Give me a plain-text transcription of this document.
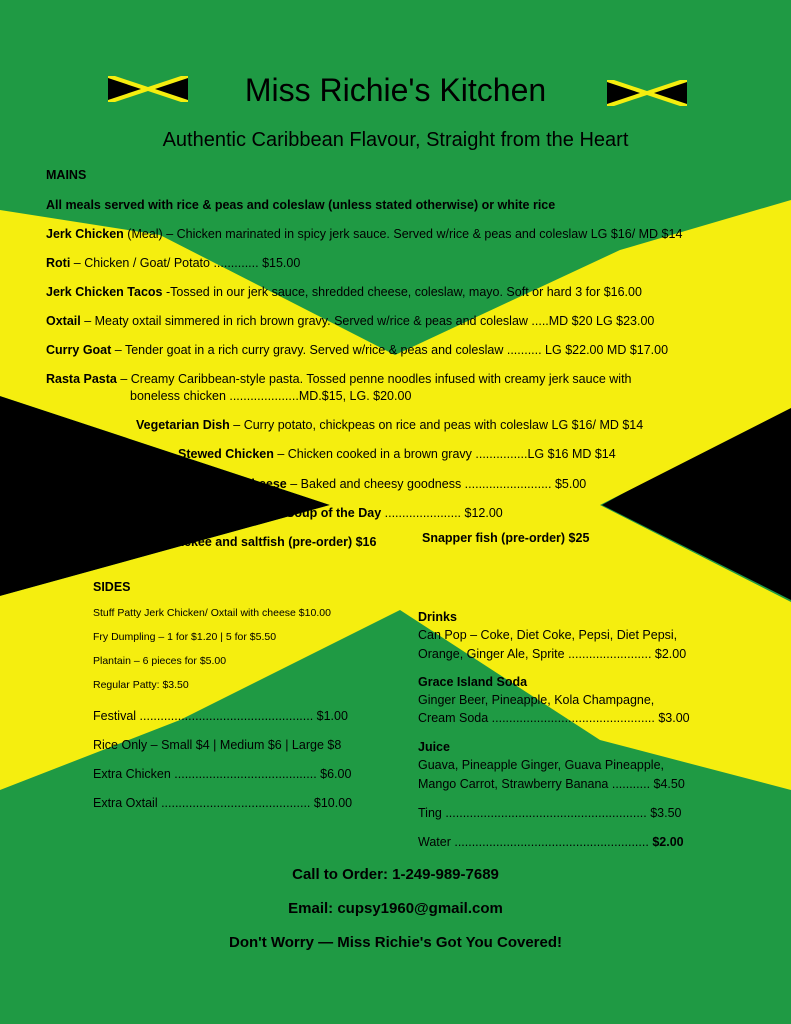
Miss Richie's Kitchen
Authentic Caribbean Flavour, Straight from the Heart
MAINS
All meals served with rice & peas and coleslaw (unless stated otherwise) or white rice
Jerk Chicken (Meal) – Chicken marinated in spicy jerk sauce. Served w/rice & peas and coleslaw LG $16/ MD $14
Roti – Chicken / Goat/ Potato ............. $15.00
Jerk Chicken Tacos -Tossed in our jerk sauce, shredded cheese, coleslaw, mayo. Soft or hard 3 for $16.00
Oxtail – Meaty oxtail simmered in rich brown gravy. Served w/rice & peas and coleslaw .....MD $20 LG $23.00
Curry Goat – Tender goat in a rich curry gravy. Served w/rice & peas and coleslaw .......... LG $22.00 MD $17.00
Rasta Pasta – Creamy Caribbean-style pasta. Tossed penne noodles infused with creamy jerk sauce with
boneless chicken ....................MD.$15, LG. $20.00
Vegetarian Dish – Curry potato, chickpeas on rice and peas with coleslaw LG $16/ MD $14
Stewed Chicken – Chicken cooked in a brown gravy ...............LG $16 MD $14
Mac & Cheese – Baked and cheesy goodness ......................... $5.00
Soup of the Day ...................... $12.00
Ackee and saltfish (pre-order) $16	Snapper fish (pre-order) $25
SIDES
Stuff Patty Jerk Chicken/ Oxtail with cheese $10.00
Fry Dumpling – 1 for $1.20 | 5 for $5.50
Plantain – 6 pieces for $5.00
Regular Patty: $3.50
Festival .................................................. $1.00
Rice Only – Small $4 | Medium $6 | Large $8
Extra Chicken ......................................... $6.00
Extra Oxtail ........................................... $10.00
Drinks
Can Pop – Coke, Diet Coke, Pepsi, Diet Pepsi,
Orange, Ginger Ale, Sprite ........................ $2.00
Grace Island Soda
Ginger Beer, Pineapple, Kola Champagne,
Cream Soda ............................................... $3.00
Juice
Guava, Pineapple Ginger, Guava Pineapple,
Mango Carrot, Strawberry Banana ........... $4.50
Ting .......................................................... $3.50
Water ........................................................ $2.00
Call to Order: 1-249-989-7689
Email: cupsy1960@gmail.com
Don't Worry — Miss Richie's Got You Covered!
